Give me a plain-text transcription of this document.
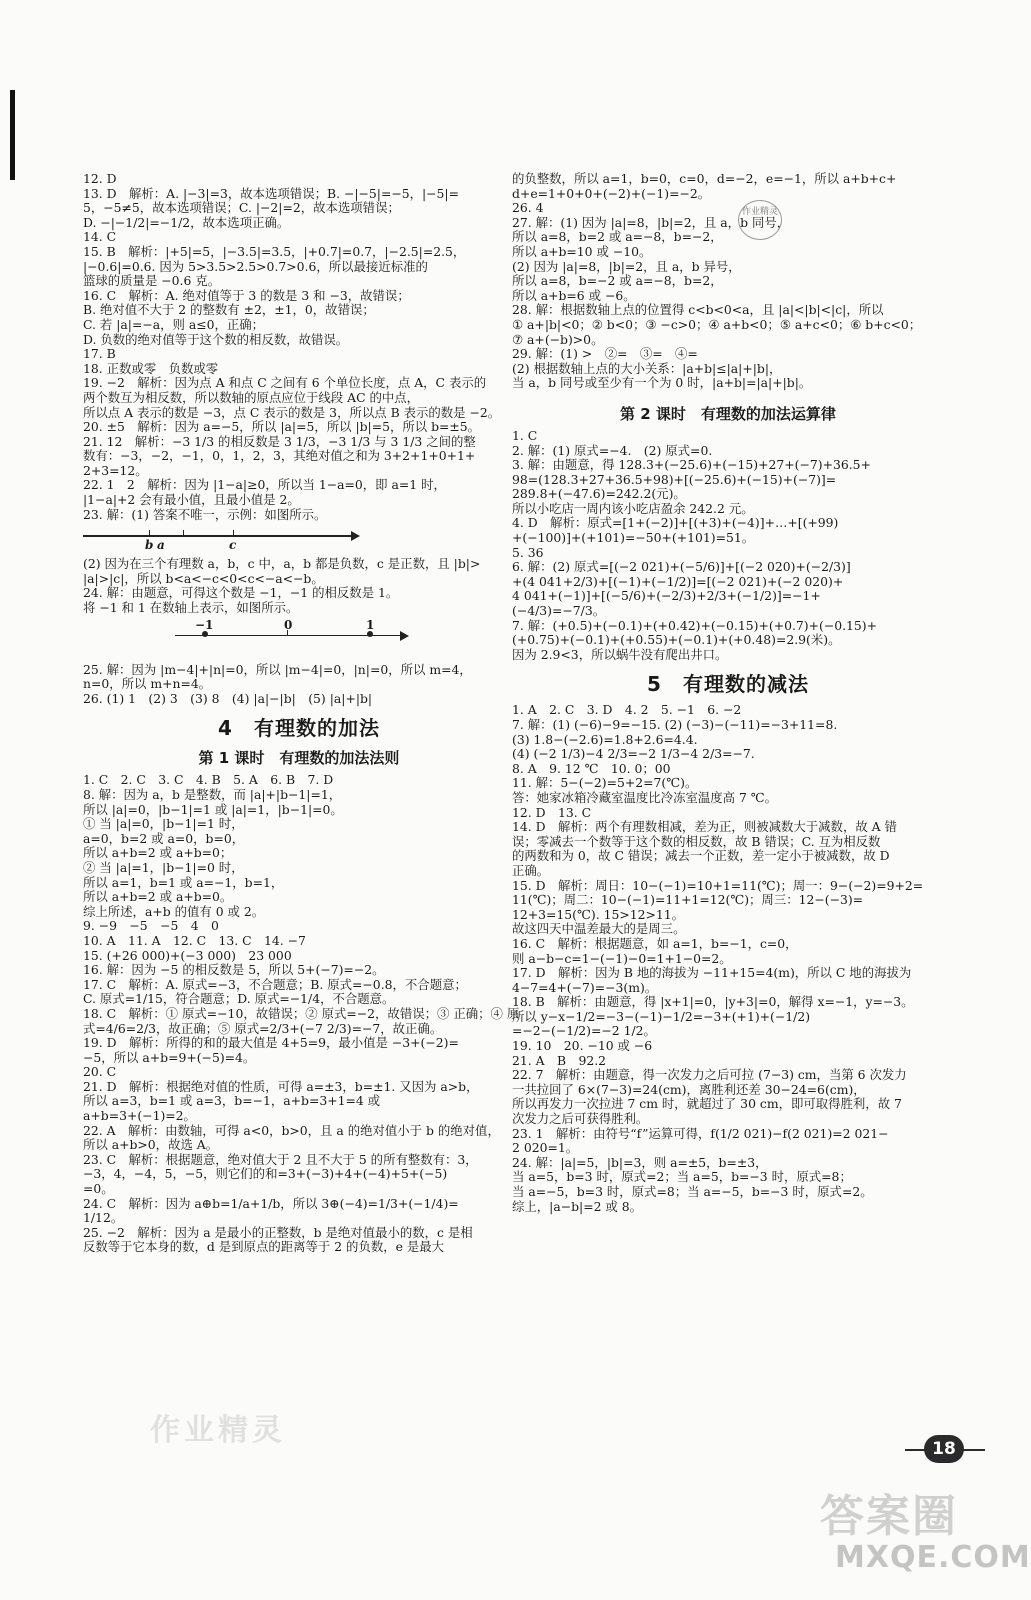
12. D
13. D　解析：A. |−3|=3，故本选项错误；B. −|−5|=−5，|−5|=
5，−5≠5，故本选项错误；C. |−2|=2，故本选项错误；
D. −|−1/2|=−1/2，故本选项正确。
14. C
15. B　解析：|+5|=5，|−3.5|=3.5，|+0.7|=0.7，|−2.5|=2.5，
|−0.6|=0.6. 因为 5>3.5>2.5>0.7>0.6，所以最接近标准的
篮球的质量是 −0.6 克。
16. C　解析：A. 绝对值等于 3 的数是 3 和 −3，故错误；
B. 绝对值不大于 2 的整数有 ±2，±1，0，故错误；
C. 若 |a|=−a，则 a≤0，正确；
D. 负数的绝对值等于这个数的相反数，故错误。
17. B
18. 正数或零　负数或零
19. −2　解析：因为点 A 和点 C 之间有 6 个单位长度，点 A，C 表示的
两个数互为相反数，所以数轴的原点应位于线段 AC 的中点，
所以点 A 表示的数是 −3，点 C 表示的数是 3，所以点 B 表示的数是 −2。
20. ±5　解析：因为 a=−5，所以 |a|=5，所以 |b|=5，所以 b=±5。
21. 12　解析：−3 1/3 的相反数是 3 1/3，−3 1/3 与 3 1/3 之间的整
数有：−3，−2，−1，0，1，2，3，其绝对值之和为 3+2+1+0+1+
2+3=12。
22. 1　2　解析：因为 |1−a|≥0，所以当 1−a=0，即 a=1 时，
|1−a|+2 会有最小值，且最小值是 2。
23. 解：(1) 答案不唯一，示例：如图所示。
b a	c
(2) 因为在三个有理数 a，b，c 中，a，b 都是负数，c 是正数，且 |b|>
|a|>|c|，所以 b<a<−c<0<c<−a<−b。
24. 解：由题意，可得这个数是 −1，−1 的相反数是 1。
将 −1 和 1 在数轴上表示，如图所示。
−1	0	1
25. 解：因为 |m−4|+|n|=0，所以 |m−4|=0，|n|=0，所以 m=4，
n=0，所以 m+n=4。
26. (1) 1　(2) 3　(3) 8　(4) |a|−|b|　(5) |a|+|b|
4　有理数的加法
第 1 课时　有理数的加法法则
1. C　2. C　3. C　4. B　5. A　6. B　7. D
8. 解：因为 a，b 是整数，而 |a|+|b−1|=1，
所以 |a|=0，|b−1|=1 或 |a|=1，|b−1|=0。
① 当 |a|=0，|b−1|=1 时，
a=0，b=2 或 a=0，b=0，
所以 a+b=2 或 a+b=0；
② 当 |a|=1，|b−1|=0 时，
所以 a=1，b=1 或 a=−1，b=1，
所以 a+b=2 或 a+b=0。
综上所述，a+b 的值有 0 或 2。
9. −9　−5　−5　4　0
10. A　11. A　12. C　13. C　14. −7
15. (+26 000)+(−3 000)　23 000
16. 解：因为 −5 的相反数是 5，所以 5+(−7)=−2。
17. C　解析：A. 原式=−3，不合题意；B. 原式=−0.8，不合题意；
C. 原式=1/15，符合题意；D. 原式=−1/4，不合题意。
18. C　解析：① 原式=−10，故错误；② 原式=−2，故错误；③ 正确；④ 原
式=4/6=2/3，故正确；⑤ 原式=2/3+(−7 2/3)=−7，故正确。
19. D　解析：所得的和的最大值是 4+5=9，最小值是 −3+(−2)=
−5，所以 a+b=9+(−5)=4。
20. C
21. D　解析：根据绝对值的性质，可得 a=±3，b=±1. 又因为 a>b，
所以 a=3，b=1 或 a=3，b=−1，a+b=3+1=4 或
a+b=3+(−1)=2。
22. A　解析：由数轴，可得 a<0，b>0，且 a 的绝对值小于 b 的绝对值，
所以 a+b>0，故选 A。
23. C　解析：根据题意，绝对值大于 2 且不大于 5 的所有整数有：3，
−3，4，−4，5，−5，则它们的和=3+(−3)+4+(−4)+5+(−5)
=0。
24. C　解析：因为 a⊕b=1/a+1/b，所以 3⊕(−4)=1/3+(−1/4)=
1/12。
25. −2　解析：因为 a 是最小的正整数，b 是绝对值最小的数，c 是相
反数等于它本身的数，d 是到原点的距离等于 2 的负数，e 是最大
的负整数，所以 a=1，b=0，c=0，d=−2，e=−1，所以 a+b+c+
d+e=1+0+0+(−2)+(−1)=−2。
26. 4
27. 解：(1) 因为 |a|=8，|b|=2，且 a，b 同号，
所以 a=8，b=2 或 a=−8，b=−2，
所以 a+b=10 或 −10。
(2) 因为 |a|=8，|b|=2，且 a，b 异号，
所以 a=8，b=−2 或 a=−8，b=2，
所以 a+b=6 或 −6。
28. 解：根据数轴上点的位置得 c<b<0<a，且 |a|<|b|<|c|，所以
① a+|b|<0；② b<0；③ −c>0；④ a+b<0；⑤ a+c<0；⑥ b+c<0；
⑦ a+(−b)>0。
29. 解：(1) >　②=　③=　④=
(2) 根据数轴上点的大小关系：|a+b|≤|a|+|b|，
当 a，b 同号或至少有一个为 0 时，|a+b|=|a|+|b|。
第 2 课时　有理数的加法运算律
1. C
2. 解：(1) 原式=−4.　(2) 原式=0.
3. 解：由题意，得 128.3+(−25.6)+(−15)+27+(−7)+36.5+
98=(128.3+27+36.5+98)+[(−25.6)+(−15)+(−7)]=
289.8+(−47.6)=242.2(元)。
所以小吃店一周内该小吃店盈余 242.2 元。
4. D　解析：原式=[1+(−2)]+[(+3)+(−4)]+…+[(+99)
+(−100)]+(+101)=−50+(+101)=51。
5. 36
6. 解：(2) 原式=[(−2 021)+(−5/6)]+[(−2 020)+(−2/3)]
+(4 041+2/3)+[(−1)+(−1/2)]=[(−2 021)+(−2 020)+
4 041+(−1)]+[(−5/6)+(−2/3)+2/3+(−1/2)]=−1+
(−4/3)=−7/3。
7. 解：(+0.5)+(−0.1)+(+0.42)+(−0.15)+(+0.7)+(−0.15)+
(+0.75)+(−0.1)+(+0.55)+(−0.1)+(+0.48)=2.9(米)。
因为 2.9<3，所以蜗牛没有爬出井口。
5　有理数的减法
1. A　2. C　3. D　4. 2　5. −1　6. −2
7. 解：(1) (−6)−9=−15. (2) (−3)−(−11)=−3+11=8.
(3) 1.8−(−2.6)=1.8+2.6=4.4.
(4) (−2 1/3)−4 2/3=−2 1/3−4 2/3=−7.
8. A　9. 12 ℃　10. 0；00
11. 解：5−(−2)=5+2=7(℃)。
答：她家冰箱冷藏室温度比冷冻室温度高 7 ℃。
12. D　13. C
14. D　解析：两个有理数相减，差为正，则被减数大于减数，故 A 错
误；零减去一个数等于这个数的相反数，故 B 错误；C. 互为相反数
的两数和为 0，故 C 错误；减去一个正数，差一定小于被减数，故 D
正确。
15. D　解析：周日：10−(−1)=10+1=11(℃)；周一：9−(−2)=9+2=
11(℃)；周二：10−(−1)=11+1=12(℃)；周三：12−(−3)=
12+3=15(℃). 15>12>11。
故这四天中温差最大的是周三。
16. C　解析：根据题意，如 a=1，b=−1，c=0，
则 a−b−c=1−(−1)−0=1+1−0=2。
17. D　解析：因为 B 地的海拔为 −11+15=4(m)，所以 C 地的海拔为
4−7=4+(−7)=−3(m)。
18. B　解析：由题意，得 |x+1|=0，|y+3|=0，解得 x=−1，y=−3。
所以 y−x−1/2=−3−(−1)−1/2=−3+(+1)+(−1/2)
=−2−(−1/2)=−2 1/2。
19. 10　20. −10 或 −6
21. A　B　92.2
22. 7　解析：由题意，得一次发力之后可拉 (7−3) cm，当第 6 次发力
一共拉回了 6×(7−3)=24(cm)，离胜利还差 30−24=6(cm)，
所以再发力一次拉进 7 cm 时，就超过了 30 cm，即可取得胜利，故 7
次发力之后可获得胜利。
23. 1　解析：由符号“f”运算可得，f(1/2 021)−f(2 021)=2 021−
2 020=1。
24. 解：|a|=5，|b|=3，则 a=±5，b=±3，
当 a=5，b=3 时，原式=2；当 a=5，b=−3 时，原式=8；
当 a=−5，b=3 时，原式=8；当 a=−5，b=−3 时，原式=2。
综上，|a−b|=2 或 8。
作业精灵
18
作业精灵
答案圈
MXQE.COM
